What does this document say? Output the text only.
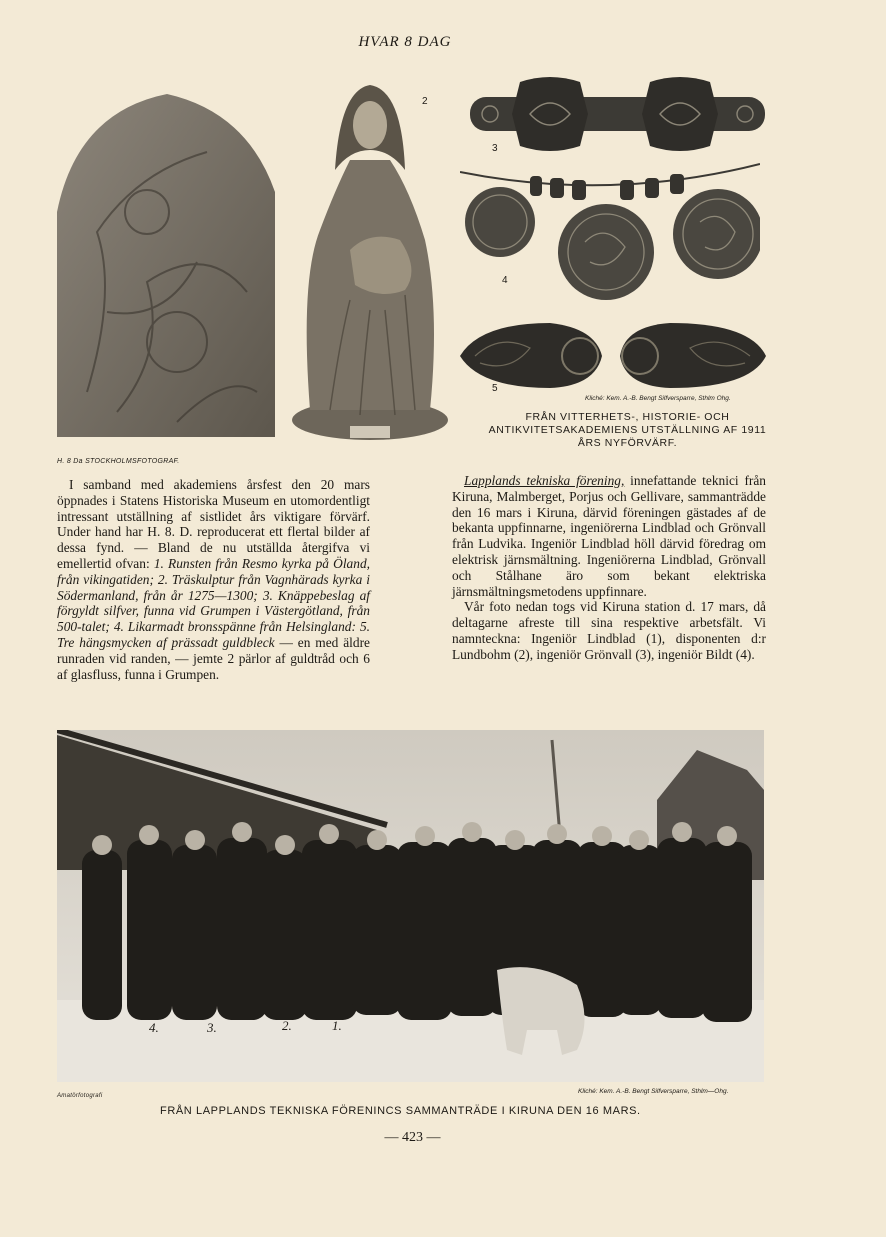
HVAR 8 DAG
H. 8 Da STOCKHOLMSFOTOGRAF.
2
3
4
5
Kliché: Kem. A.-B. Bengt Silfversparre, Sthlm Ohg.
FRÅN VITTERHETS-, HISTORIE- OCH ANTIKVITETSAKADEMIENS UTSTÄLLNING AF 1911 ÅRS NYFÖRVÄRF.

I samband med akademiens årsfest den 20 mars öppnades i Statens Historiska Museum en utomordentligt intressant utställning af sistlidet års viktigare förvärf. Under hand har H. 8. D. reproducerat ett flertal bilder af dessa fynd. — Bland de nu utställda återgifva vi emellertid ofvan: 1. Runsten från Resmo kyrka på Öland, från vikingatiden; 2. Träskulptur från Vagnhärads kyrka i Södermanland, från år 1275—1300; 3. Knäppebeslag af förgyldt silfver, funna vid Grumpen i Västergötland, från 500-talet; 4. Likarmadt bronsspänne från Helsingland: 5. Tre hängsmycken af prässadt guldbleck — en med äldre runraden vid randen, — jemte 2 pärlor af guldtråd och 6 af glasfluss, funna i Grumpen.

Lapplands tekniska förening, innefattande teknici från Kiruna, Malmberget, Porjus och Gellivare, sammanträdde den 16 mars i Kiruna, därvid föreningen gästades af de bekanta uppfinnarne, ingeniörerna Lindblad och Grönvall från Ludvika. Ingeniör Lindblad höll därvid föredrag om elektrisk järnsmältning. Ingeniörerna Lindblad, Grönvall och Stålhane äro som bekant elektriska järnsmältningsmetodens uppfinnare.

Vår foto nedan togs vid Kiruna station d. 17 mars, då deltagarne afreste till sina respektive arbetsfält. Vi namnteckna: Ingeniör Lindblad (1), disponenten d:r Lundbohm (2), ingeniör Grönvall (3), ingeniör Bildt (4).

4.	3.	2.	1.
Amatörfotografi
Kliché: Kem. A.-B. Bengt Silfversparre, Sthlm—Ohg.
FRÅN LAPPLANDS TEKNISKA FÖRENINCS SAMMANTRÄDE I KIRUNA DEN 16 MARS.
— 423 —
